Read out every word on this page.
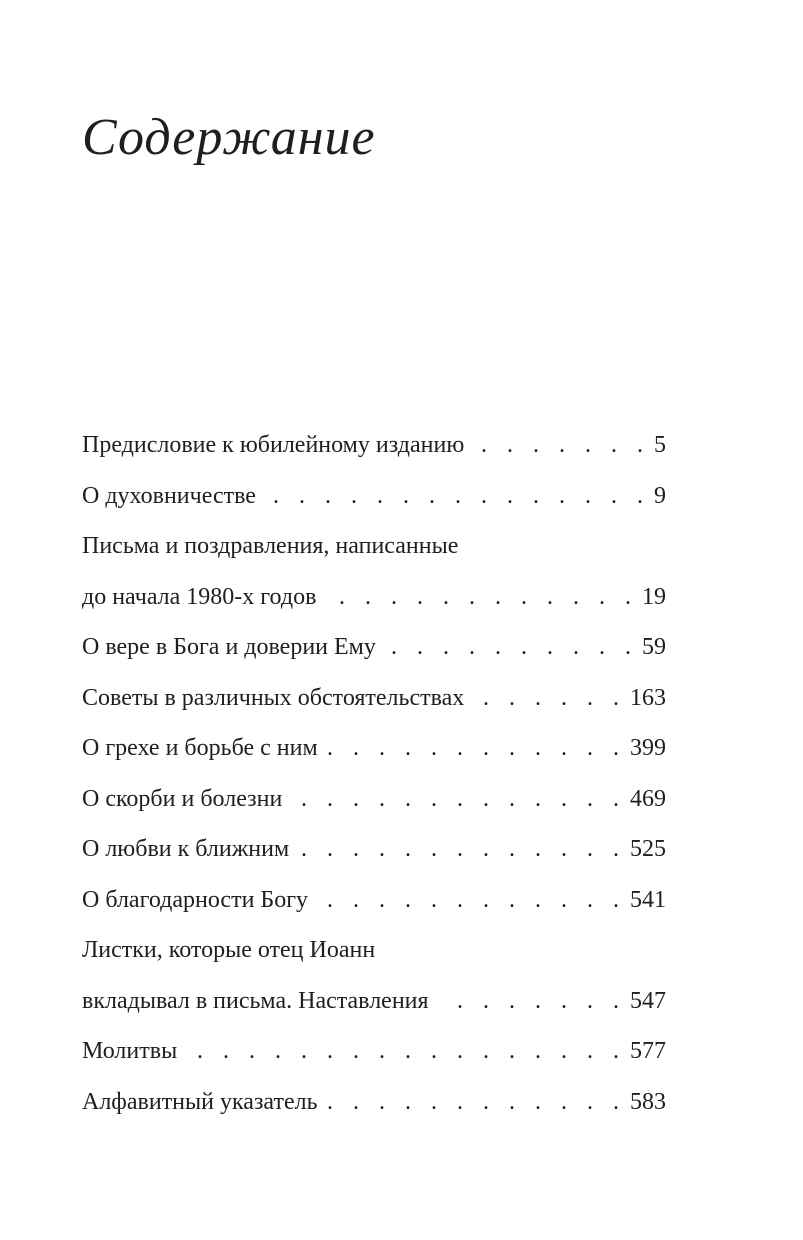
Содержание
Предисловие к юбилейному изданию . . .	5
О духовничестве . . .	9
Письма и поздравления, написанные
до начала 1980-х годов . . .	19
О вере в Бога и доверии Ему . . .	59
Советы в различных обстоятельствах . . .	163
О грехе и борьбе с ним . . .	399
О скорби и болезни . . .	469
О любви к ближним . . .	525
О благодарности Богу . . .	541
Листки, которые отец Иоанн
вкладывал в письма. Наставления . . .	547
Молитвы . . .	577
Алфавитный указатель . . .	583
